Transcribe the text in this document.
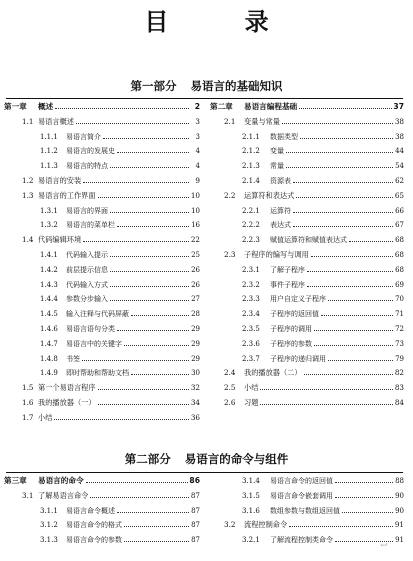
目 录
第一部分 易语言的基础知识
第一章	概述	2
1.1 易语言概述	3
1.1.1	易语言简介	3
1.1.2	易语言的发展史	4
1.1.3	易语言的特点	4
1.2 易语言的安装	9
1.3 易语言的工作界面	10
1.3.1	易语言的界面	10
1.3.2	易语言的菜单栏	16
1.4 代码编辑环境	22
1.4.1	代码输入提示	25
1.4.2	前层提示信息	26
1.4.3	代码输入方式	26
1.4.4	参数分步输入	27
1.4.5	输入注释与代码屏蔽	28
1.4.6	易语言语句分类	29
1.4.7	易语言中的关键字	29
1.4.8	书签	29
1.4.9	即时帮助和帮助文档	30
1.5 第一个易语言程序	32
1.6 我的播放器（一）	34
1.7 小结	36
第二章	易语言编程基础	37
2.1	变量与常量	38
2.1.1	数据类型	38
2.1.2	变量	44
2.1.3	常量	54
2.1.4	资源表	62
2.2	运算符和表达式	65
2.2.1	运算符	66
2.2.2	表达式	67
2.2.3	赋值运算符和赋值表达式	68
2.3	子程序的编写与调用	68
2.3.1	了解子程序	68
2.3.2	事件子程序	69
2.3.3	用户自定义子程序	70
2.3.4	子程序的返回值	71
2.3.5	子程序的调用	72
2.3.6	子程序的参数	73
2.3.7	子程序的递归调用	79
2.4	我的播放器（二）	82
2.5	小结	83
2.6	习题	84
第二部分 易语言的命令与组件
第三章	易语言的命令	86
3.1 了解易语言命令	87
3.1.1	易语言命令概述	87
3.1.2	易语言命令的格式	87
3.1.3	易语言命令的参数	87
3.1.4	易语言命令的返回值	88
3.1.5	易语言命令嵌套调用	90
3.1.6	数组参数与数组返回值	90
3.2	流程控制命令	91
3.2.1	了解流程控制类命令	91
↩
